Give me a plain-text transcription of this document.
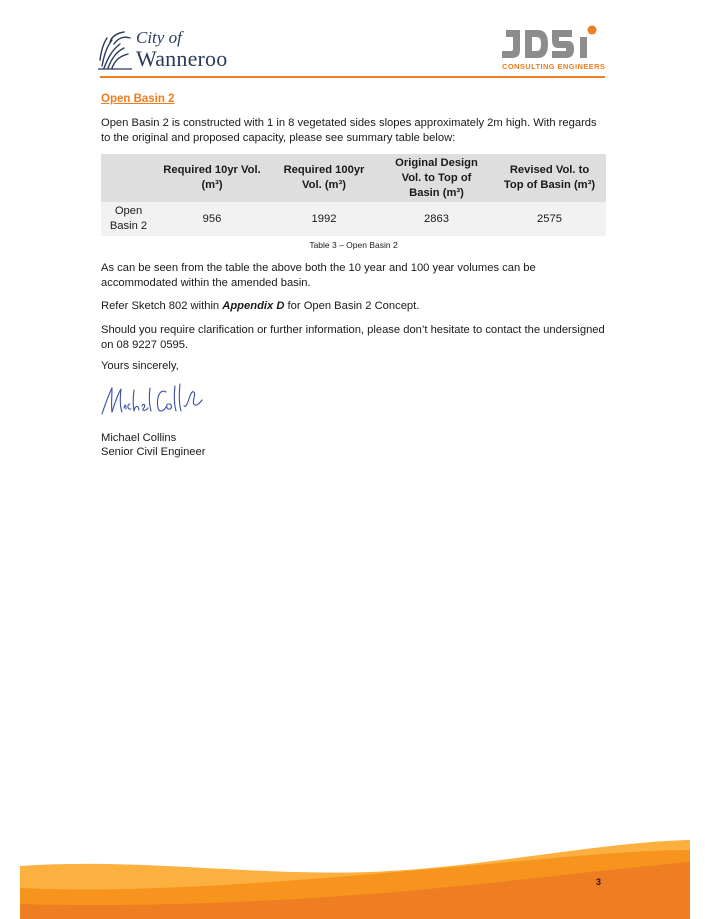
City of
Wanneroo	CONSULTING ENGINEERS
Open Basin 2

Open Basin 2 is constructed with 1 in 8 vegetated sides slopes approximately 2m high. With regards to the original and proposed capacity, please see summary table below:

	Required 10yr Vol. (m³)	Required 100yr Vol. (m³)	Original Design Vol. to Top of Basin (m³)	Revised Vol. to Top of Basin (m³)
Open Basin 2	956	1992	2863	2575
Table 3 – Open Basin 2

As can be seen from the table the above both the 10 year and 100 year volumes can be accommodated within the amended basin.

Refer Sketch 802 within Appendix D for Open Basin 2 Concept.

Should you require clarification or further information, please don’t hesitate to contact the undersigned on 08 9227 0595.

Yours sincerely,

Michael Collins
Senior Civil Engineer
3
